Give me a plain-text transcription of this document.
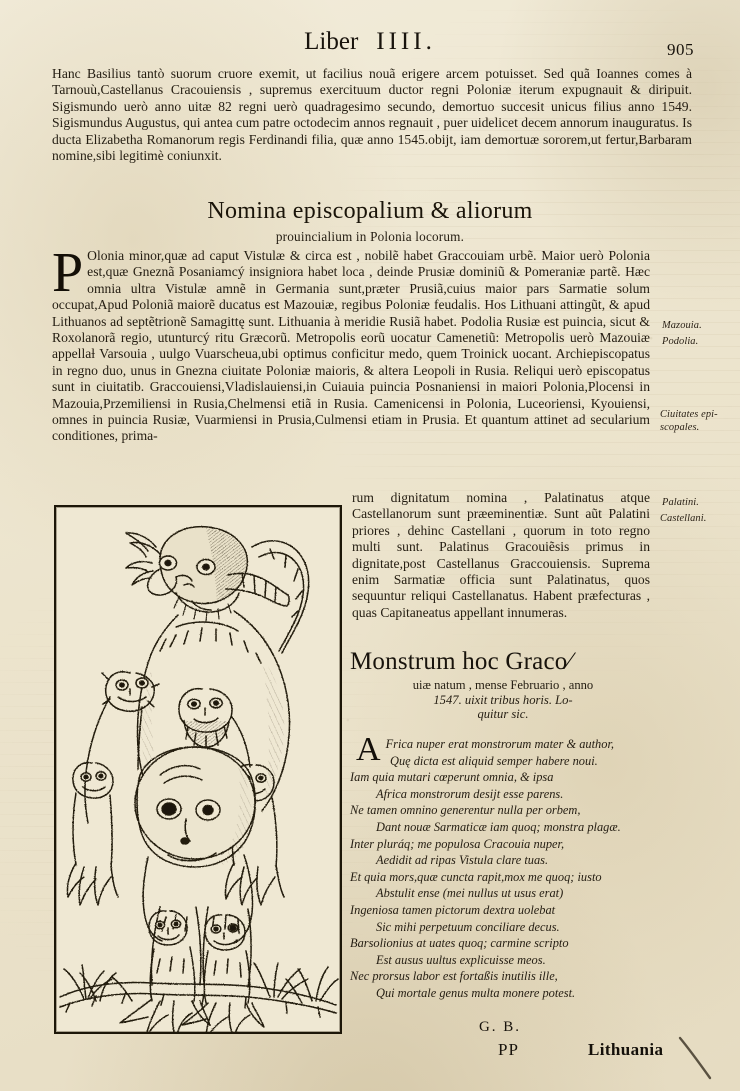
Liber IIII.	905

Hanc Basilius tantò suorum cruore exemit, ut facilius nouã erigere arcem potuisset. Sed quã Ioannes comes à Tarnouù,Castellanus Cracouiensis , supremus exercituum ductor regni Poloniæ iterum expugnauit & diripuit. Sigismundo uerò anno uitæ 82 regni uerò quadragesimo secundo, demortuo succesit unicus filius anno 1549. Sigismundus Augustus, qui antea cum patre octodecim annos regnauit , puer uidelicet decem annorum inauguratus. Is ducta Elizabetha Romanorum regis Ferdinandi filia, quæ anno 1545.obijt, iam demortuæ sororem,ut fertur,Barbaram nomine,sibi legitimè coniunxit.

Nomina episcopalium & aliorum
prouincialium in Polonia locorum.
P Olonia minor,quæ ad caput Vistulæ & circa est , nobilẽ habet Graccouiam urbẽ. Maior uerò Polonia est,quæ Gneznã Posaniamcý insigniora habet loca , deinde Prusiæ dominiũ & Pomeraniæ partẽ. Hæc omnia ultra Vistulæ amnẽ in Germania sunt,præter Prusiã,cuius maior pars Sarmatie solum occupat,Apud Poloniã maiorẽ ducatus est Mazouiæ, regibus Poloniæ feudalis. Hos Lithuani attingũt, & apud Lithuanos ad septẽtrionẽ Samagittę sunt. Lithuania à meridie Rusiã habet. Podolia Rusiæ est puincia, sicut & Roxolanorã regio, utunturcý ritu Græcorũ. Metropolis eorũ uocatur Camenetiũ: Metropolis uerò Mazouiæ appellaƚ Varsouia , uulgo Vuarscheua,ubi optimus conficitur medo, quem Troinick uocant. Archiepiscopatus in regno duo, unus in Gnezna ciuitate Poloniæ maioris, & altera Leopoli in Rusia. Reliqui uerò episcopatus sunt in ciuitatib. Graccouiensi,Vladislauiensi,in Cuiauia puincia Posnaniensi in maiori Polonia,Plocensi in Mazouia,Przemiliensi in Rusia,Chelmensi etiã in Rusia. Camenicensi in Polonia, Luceoriensi, Kyouiensi, omnes in puincia Rusiæ, Vuarmiensi in Prusia,Culmensi etiam in Prusia. Et quantum attinet ad secularium conditiones, prima-

rum dignitatum nomina , Palatinatus atque Castellanorum sunt præeminentiæ. Sunt aũt Palatini priores , dehinc Castellani , quorum in toto regno multi sunt. Palatinus Gracouiẽsis primus in dignitate,post Castellanus Graccouiensis. Suprema enim Sarmatiæ officia sunt Palatinatus, quos sequuntur reliqui Castellanatus. Habent præfecturas , quas Capitaneatus appellant innumeras.

Mazouia.
Podolia.
Ciuitates epi-
scopales.
Palatini.
Castellani.
Monstrum hoc Graco⁄
uiæ natum , mense Februario , anno
1547. uixit tribus horis. Lo-
quitur sic.
A Frica nuper erat monstrorum mater & author,
Quę dicta est aliquid semper habere noui.
Iam quia mutari cœperunt omnia, & ipsa
Africa monstrorum desijt esse parens.
Ne tamen omnino generentur nulla per orbem,
Dant nouæ Sarmaticæ iam quoq; monstra plagæ.
Inter pluráq; me populosa Cracouia nuper,
Aedidit ad ripas Vistula clare tuas.
Et quia mors,quæ cuncta rapit,mox me quoq; iusto
Abstulit ense (mei nullus ut usus erat)
Ingeniosa tamen pictorum dextra uolebat
Sic mihi perpetuum conciliare decus.
Barsolionius at uates quoq; carmine scripto
Est ausus uultus explicuisse meos.
Nec prorsus labor est fortaßis inutilis ille,
Qui mortale genus multa monere potest.
G. B.
PP	Lithuania
